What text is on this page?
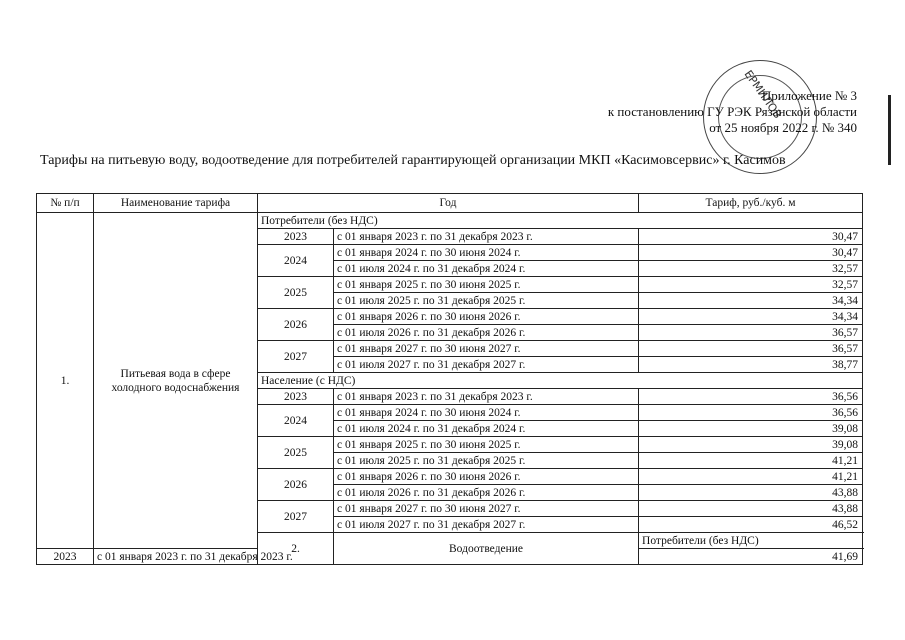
ЕРМИЛОВ
Приложение № 3
к постановлению ГУ РЭК Рязанской области
от 25 ноября 2022 г. № 340
Тарифы на питьевую воду, водоотведение для потребителей гарантирующей организации МКП «Касимовсервис» г. Касимов
№ п/п	Наименование тарифа	Год		Тариф, руб./куб. м
1.	Питьевая вода в сфере холодного водоснабжения	Потребители (без НДС)		
		2023	с 01 января 2023 г. по 31 декабря 2023 г.	30,47
		2024	с 01 января 2024 г. по 30 июня 2024 г.	30,47
			с 01 июля 2024 г. по 31 декабря 2024 г.	32,57
		2025	с 01 января 2025 г. по 30 июня 2025 г.	32,57
			с 01 июля 2025 г. по 31 декабря 2025 г.	34,34
		2026	с 01 января 2026 г. по 30 июня 2026 г.	34,34
			с 01 июля 2026 г. по 31 декабря 2026 г.	36,57
		2027	с 01 января 2027 г. по 30 июня 2027 г.	36,57
			с 01 июля 2027 г. по 31 декабря 2027 г.	38,77
		Население (с НДС)		
		2023	с 01 января 2023 г. по 31 декабря 2023 г.	36,56
		2024	с 01 января 2024 г. по 30 июня 2024 г.	36,56
			с 01 июля 2024 г. по 31 декабря 2024 г.	39,08
		2025	с 01 января 2025 г. по 30 июня 2025 г.	39,08
			с 01 июля 2025 г. по 31 декабря 2025 г.	41,21
		2026	с 01 января 2026 г. по 30 июня 2026 г.	41,21
			с 01 июля 2026 г. по 31 декабря 2026 г.	43,88
		2027	с 01 января 2027 г. по 30 июня 2027 г.	43,88
			с 01 июля 2027 г. по 31 декабря 2027 г.	46,52
		2.	Водоотведение	Потребители (без НДС)
2023	с 01 января 2023 г. по 31 декабря 2023 г.			41,69
